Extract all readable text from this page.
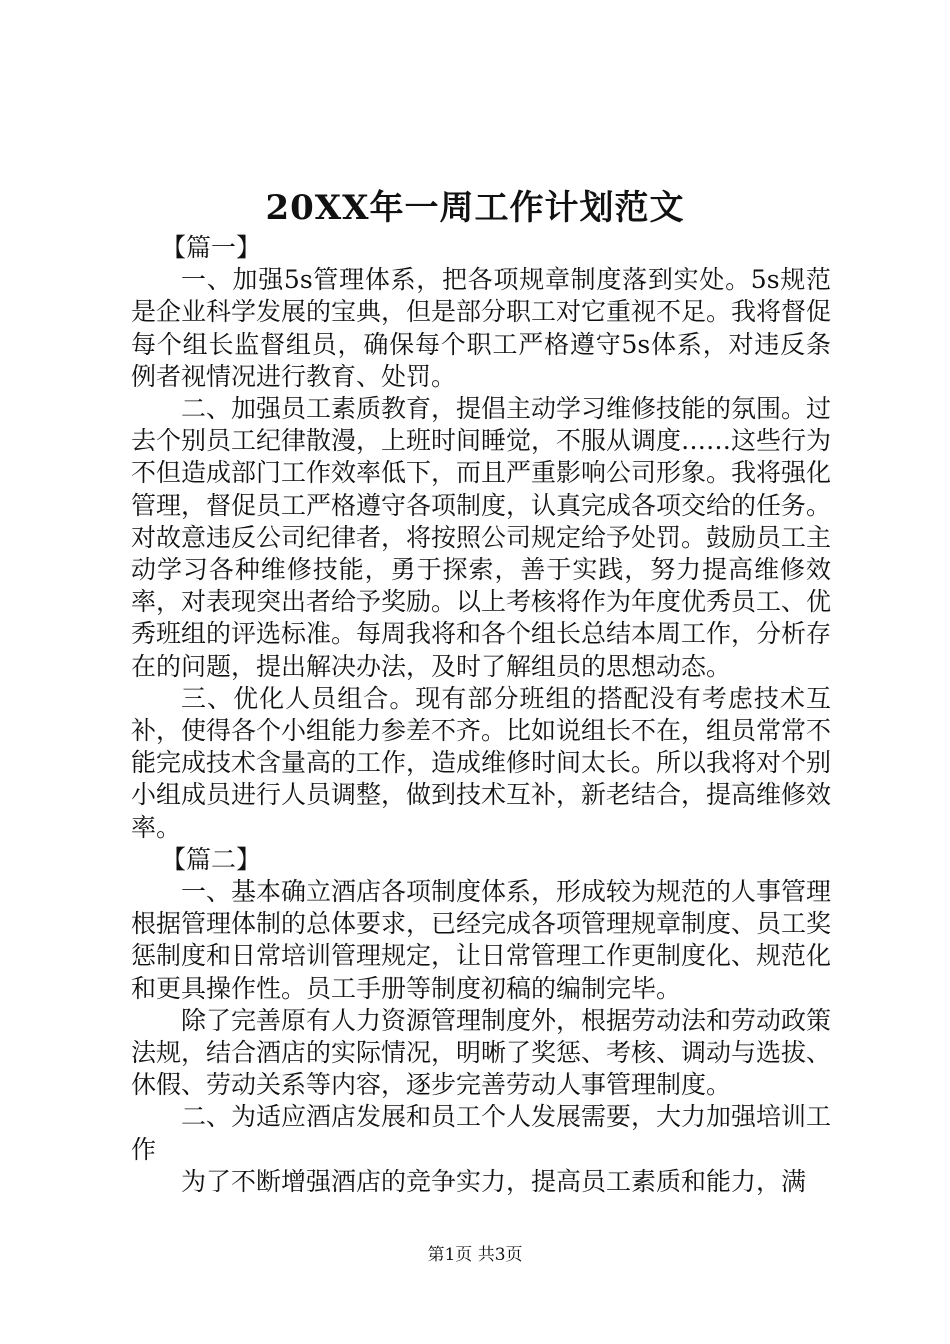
20XX年一周工作计划范文

【篇一】

一、加强5s管理体系，把各项规章制度落到实处。5s规范是企业科学发展的宝典，但是部分职工对它重视不足。我将督促每个组长监督组员，确保每个职工严格遵守5s体系，对违反条例者视情况进行教育、处罚。

二、加强员工素质教育，提倡主动学习维修技能的氛围。过去个别员工纪律散漫，上班时间睡觉，不服从调度……这些行为不但造成部门工作效率低下，而且严重影响公司形象。我将强化管理，督促员工严格遵守各项制度，认真完成各项交给的任务。对故意违反公司纪律者，将按照公司规定给予处罚。鼓励员工主动学习各种维修技能，勇于探索，善于实践，努力提高维修效率，对表现突出者给予奖励。以上考核将作为年度优秀员工、优秀班组的评选标准。每周我将和各个组长总结本周工作，分析存在的问题，提出解决办法，及时了解组员的思想动态。

三、优化人员组合。现有部分班组的搭配没有考虑技术互补，使得各个小组能力参差不齐。比如说组长不在，组员常常不能完成技术含量高的工作，造成维修时间太长。所以我将对个别小组成员进行人员调整，做到技术互补，新老结合，提高维修效率。

【篇二】

一、基本确立酒店各项制度体系，形成较为规范的人事管理根据管理体制的总体要求，已经完成各项管理规章制度、员工奖惩制度和日常培训管理规定，让日常管理工作更制度化、规范化和更具操作性。员工手册等制度初稿的编制完毕。

除了完善原有人力资源管理制度外，根据劳动法和劳动政策法规，结合酒店的实际情况，明晰了奖惩、考核、调动与选拔、休假、劳动关系等内容，逐步完善劳动人事管理制度。

二、为适应酒店发展和员工个人发展需要，大力加强培训工作

为了不断增强酒店的竞争实力，提高员工素质和能力，满

第1页 共3页
